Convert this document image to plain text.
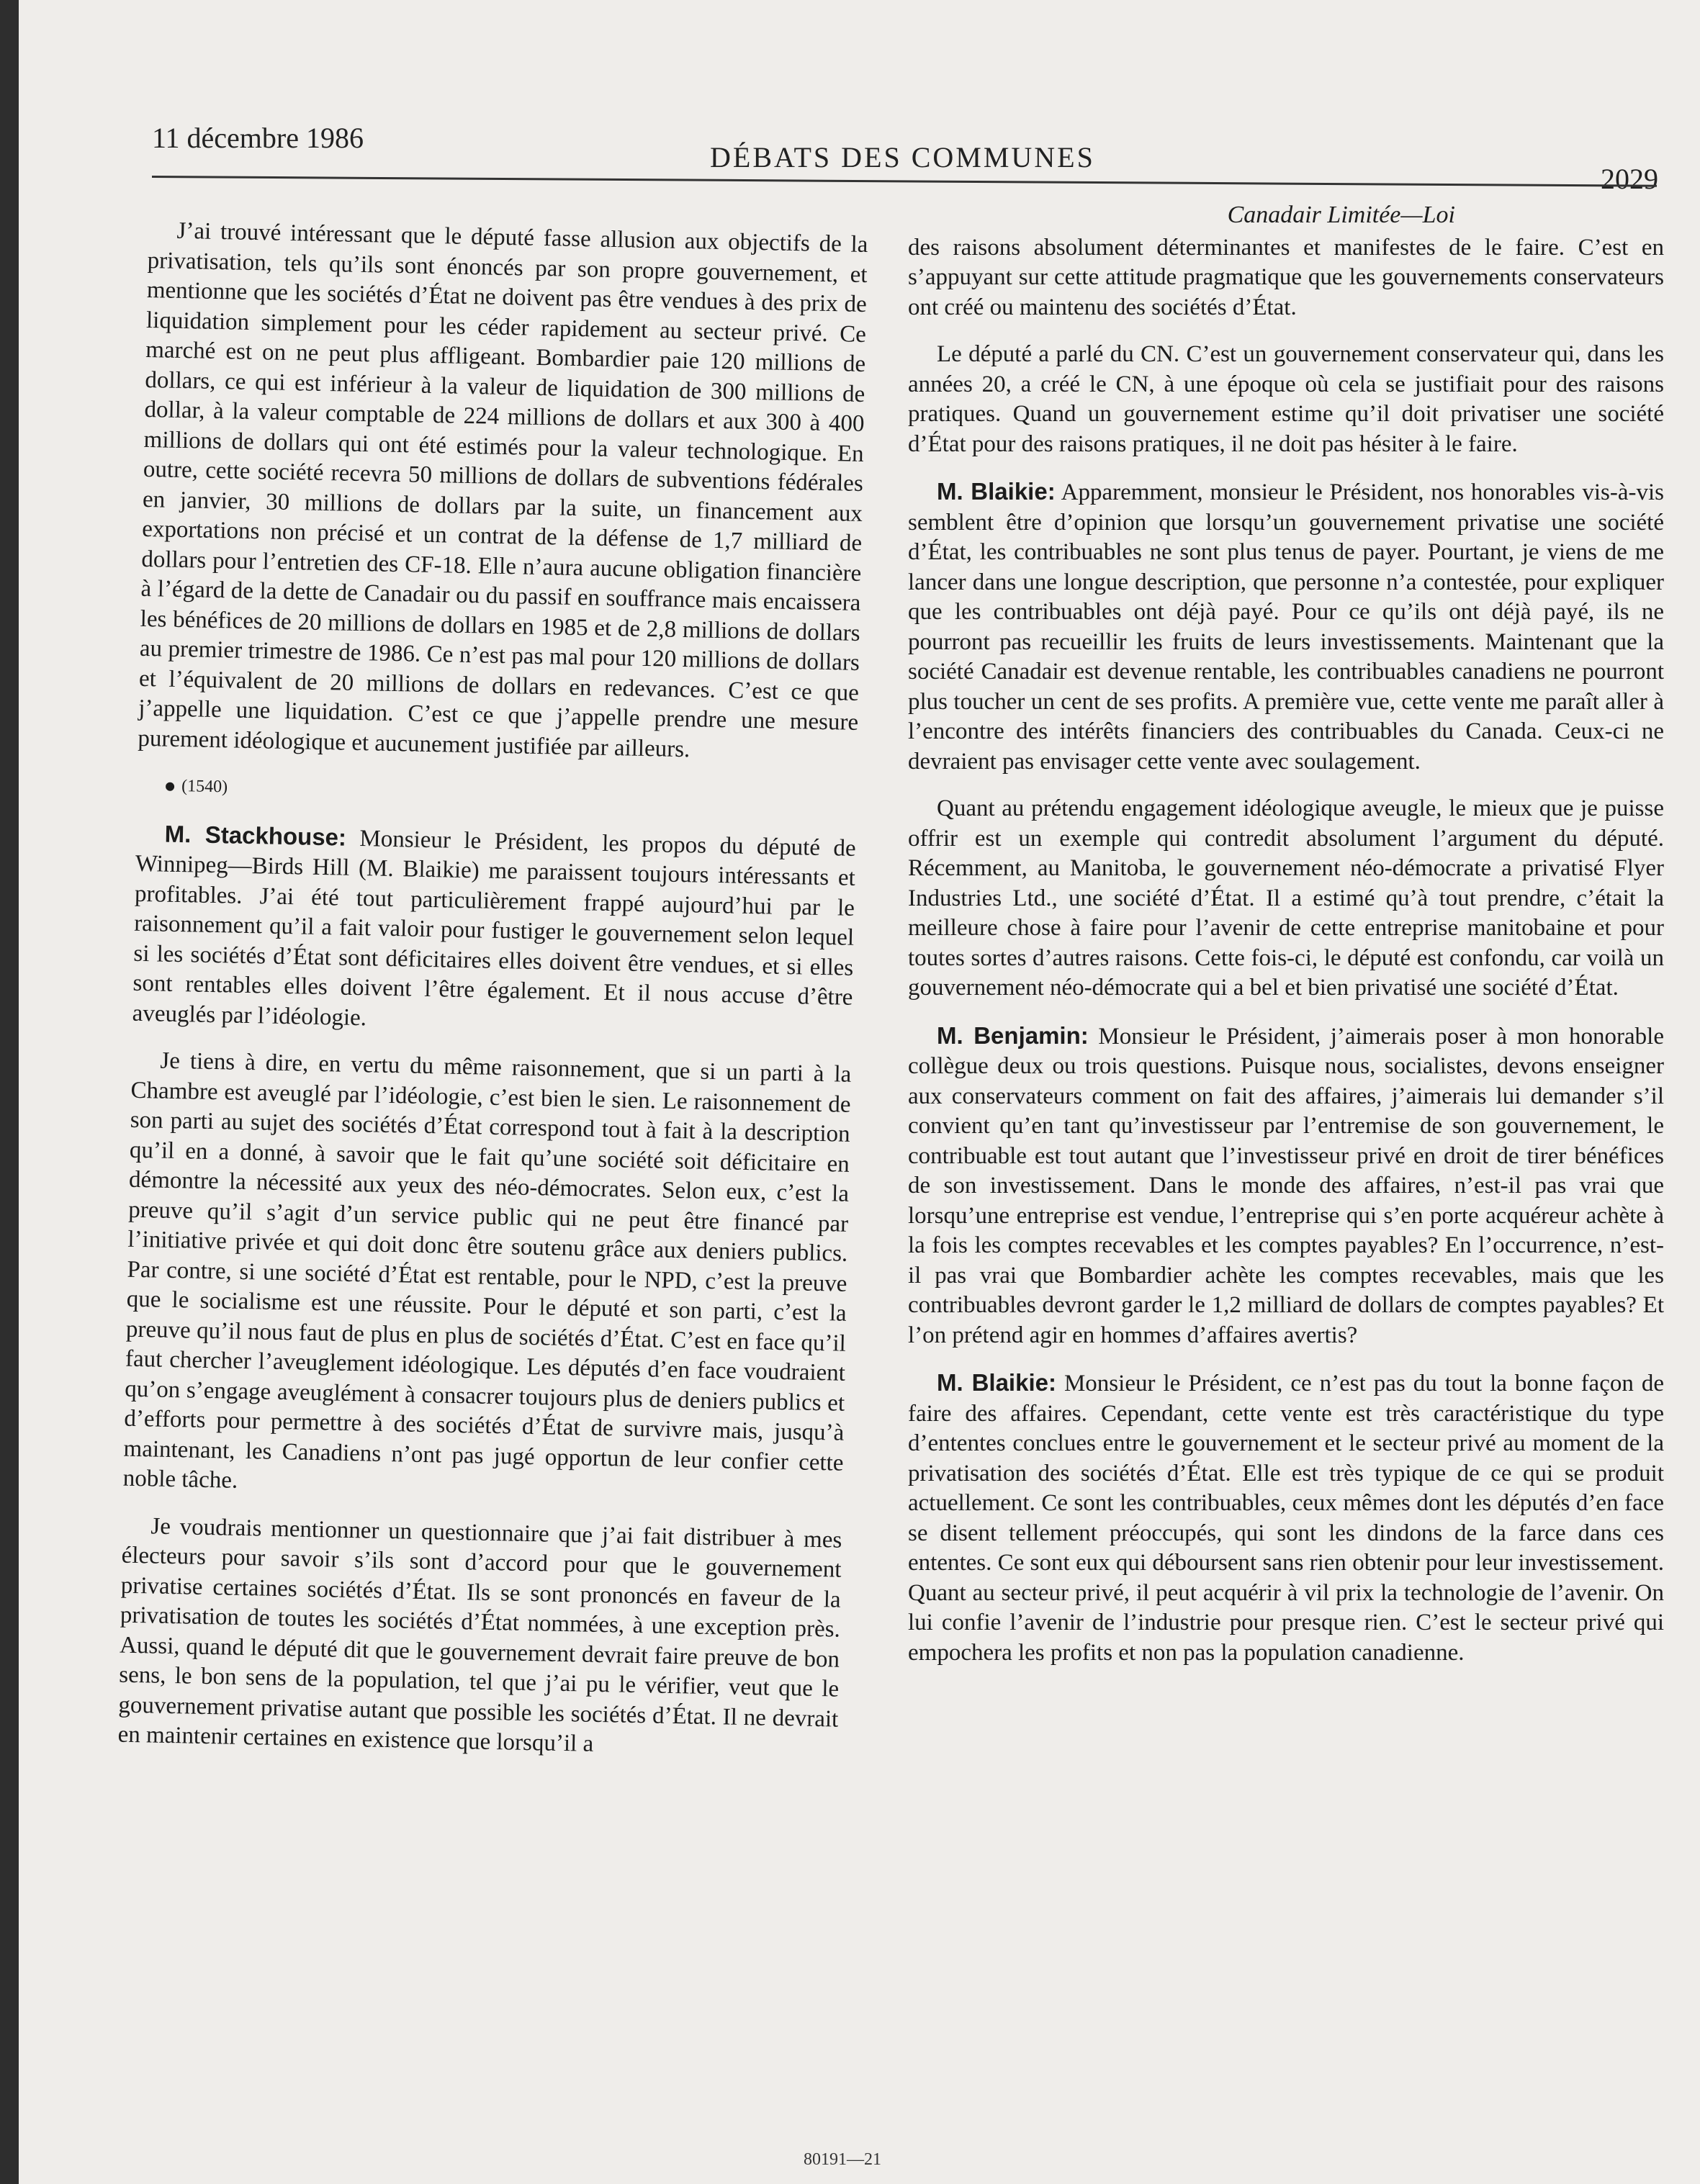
11 décembre 1986
DÉBATS DES COMMUNES
2029

J’ai trouvé intéressant que le député fasse allusion aux objectifs de la privatisation, tels qu’ils sont énoncés par son propre gouvernement, et mentionne que les sociétés d’État ne doivent pas être vendues à des prix de liquidation simplement pour les céder rapidement au secteur privé. Ce marché est on ne peut plus affligeant. Bombardier paie 120 millions de dollars, ce qui est inférieur à la valeur de liquidation de 300 millions de dollar, à la valeur comptable de 224 millions de dollars et aux 300 à 400 millions de dollars qui ont été estimés pour la valeur technologique. En outre, cette société recevra 50 millions de dollars de subventions fédérales en janvier, 30 millions de dollars par la suite, un financement aux exportations non précisé et un contrat de la défense de 1,7 milliard de dollars pour l’entretien des CF-18. Elle n’aura aucune obligation financière à l’égard de la dette de Canadair ou du passif en souffrance mais encaissera les bénéfices de 20 millions de dollars en 1985 et de 2,8 millions de dollars au premier trimestre de 1986. Ce n’est pas mal pour 120 millions de dollars et l’équivalent de 20 millions de dollars en redevances. C’est ce que j’appelle une liquidation. C’est ce que j’appelle prendre une mesure purement idéologique et aucunement justifiée par ailleurs.

(1540)

M. Stackhouse: Monsieur le Président, les propos du député de Winnipeg—Birds Hill (M. Blaikie) me paraissent toujours intéressants et profitables. J’ai été tout particulièrement frappé aujourd’hui par le raisonnement qu’il a fait valoir pour fustiger le gouvernement selon lequel si les sociétés d’État sont déficitaires elles doivent être vendues, et si elles sont rentables elles doivent l’être également. Et il nous accuse d’être aveuglés par l’idéologie.

Je tiens à dire, en vertu du même raisonnement, que si un parti à la Chambre est aveuglé par l’idéologie, c’est bien le sien. Le raisonnement de son parti au sujet des sociétés d’État correspond tout à fait à la description qu’il en a donné, à savoir que le fait qu’une société soit déficitaire en démontre la nécessité aux yeux des néo-démocrates. Selon eux, c’est la preuve qu’il s’agit d’un service public qui ne peut être financé par l’initiative privée et qui doit donc être soutenu grâce aux deniers publics. Par contre, si une société d’État est rentable, pour le NPD, c’est la preuve que le socialisme est une réussite. Pour le député et son parti, c’est la preuve qu’il nous faut de plus en plus de sociétés d’État. C’est en face qu’il faut chercher l’aveuglement idéologique. Les députés d’en face voudraient qu’on s’engage aveuglément à consacrer toujours plus de deniers publics et d’efforts pour permettre à des sociétés d’État de survivre mais, jusqu’à maintenant, les Canadiens n’ont pas jugé opportun de leur confier cette noble tâche.

Je voudrais mentionner un questionnaire que j’ai fait distribuer à mes électeurs pour savoir s’ils sont d’accord pour que le gouvernement privatise certaines sociétés d’État. Ils se sont prononcés en faveur de la privatisation de toutes les sociétés d’État nommées, à une exception près. Aussi, quand le député dit que le gouvernement devrait faire preuve de bon sens, le bon sens de la population, tel que j’ai pu le vérifier, veut que le gouvernement privatise autant que possible les sociétés d’État. Il ne devrait en maintenir certaines en existence que lorsqu’il a

Canadair Limitée—Loi

des raisons absolument déterminantes et manifestes de le faire. C’est en s’appuyant sur cette attitude pragmatique que les gouvernements conservateurs ont créé ou maintenu des sociétés d’État.

Le député a parlé du CN. C’est un gouvernement conservateur qui, dans les années 20, a créé le CN, à une époque où cela se justifiait pour des raisons pratiques. Quand un gouvernement estime qu’il doit privatiser une société d’État pour des raisons pratiques, il ne doit pas hésiter à le faire.

M. Blaikie: Apparemment, monsieur le Président, nos honorables vis-à-vis semblent être d’opinion que lorsqu’un gouvernement privatise une société d’État, les contribuables ne sont plus tenus de payer. Pourtant, je viens de me lancer dans une longue description, que personne n’a contestée, pour expliquer que les contribuables ont déjà payé. Pour ce qu’ils ont déjà payé, ils ne pourront pas recueillir les fruits de leurs investissements. Maintenant que la société Canadair est devenue rentable, les contribuables canadiens ne pourront plus toucher un cent de ses profits. A première vue, cette vente me paraît aller à l’encontre des intérêts financiers des contribuables du Canada. Ceux-ci ne devraient pas envisager cette vente avec soulagement.

Quant au prétendu engagement idéologique aveugle, le mieux que je puisse offrir est un exemple qui contredit absolument l’argument du député. Récemment, au Manitoba, le gouvernement néo-démocrate a privatisé Flyer Industries Ltd., une société d’État. Il a estimé qu’à tout prendre, c’était la meilleure chose à faire pour l’avenir de cette entreprise manitobaine et pour toutes sortes d’autres raisons. Cette fois-ci, le député est confondu, car voilà un gouvernement néo-démocrate qui a bel et bien privatisé une société d’État.

M. Benjamin: Monsieur le Président, j’aimerais poser à mon honorable collègue deux ou trois questions. Puisque nous, socialistes, devons enseigner aux conservateurs comment on fait des affaires, j’aimerais lui demander s’il convient qu’en tant qu’investisseur par l’entremise de son gouvernement, le contribuable est tout autant que l’investisseur privé en droit de tirer bénéfices de son investissement. Dans le monde des affaires, n’est-il pas vrai que lorsqu’une entreprise est vendue, l’entreprise qui s’en porte acquéreur achète à la fois les comptes recevables et les comptes payables? En l’occurrence, n’est-il pas vrai que Bombardier achète les comptes recevables, mais que les contribuables devront garder le 1,2 milliard de dollars de comptes payables? Et l’on prétend agir en hommes d’affaires avertis?

M. Blaikie: Monsieur le Président, ce n’est pas du tout la bonne façon de faire des affaires. Cependant, cette vente est très caractéristique du type d’ententes conclues entre le gouvernement et le secteur privé au moment de la privatisation des sociétés d’État. Elle est très typique de ce qui se produit actuellement. Ce sont les contribuables, ceux mêmes dont les députés d’en face se disent tellement préoccupés, qui sont les dindons de la farce dans ces ententes. Ce sont eux qui déboursent sans rien obtenir pour leur investissement. Quant au secteur privé, il peut acquérir à vil prix la technologie de l’avenir. On lui confie l’avenir de l’industrie pour presque rien. C’est le secteur privé qui empochera les profits et non pas la population canadienne.

80191—21
